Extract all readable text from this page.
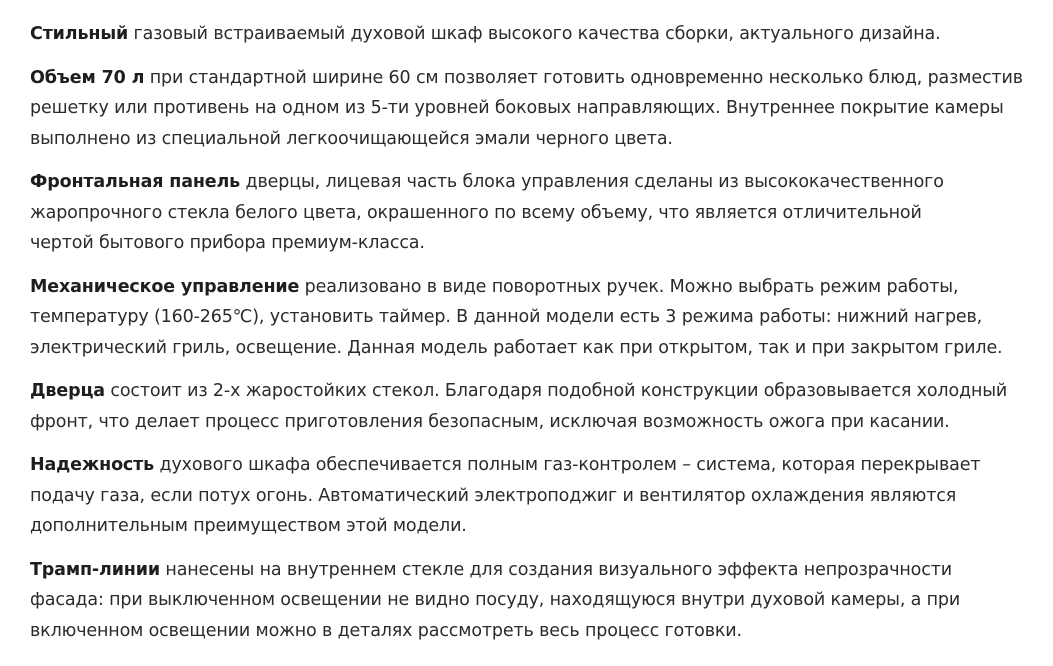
Стильный газовый встраиваемый духовой шкаф высокого качества сборки, актуального дизайна.

Объем 70 л при стандартной ширине 60 см позволяет готовить одновременно несколько блюд, разместив
решетку или противень на одном из 5-ти уровней боковых направляющих. Внутреннее покрытие камеры
выполнено из специальной легкоочищающейся эмали черного цвета.

Фронтальная панель дверцы, лицевая часть блока управления сделаны из высококачественного
жаропрочного стекла белого цвета, окрашенного по всему объему, что является отличительной
чертой бытового прибора премиум-класса.

Механическое управление реализовано в виде поворотных ручек. Можно выбрать режим работы,
температуру (160-265℃), установить таймер. В данной модели есть 3 режима работы: нижний нагрев,
электрический гриль, освещение. Данная модель работает как при открытом, так и при закрытом гриле.

Дверца состоит из 2-х жаростойких стекол. Благодаря подобной конструкции образовывается холодный
фронт, что делает процесс приготовления безопасным, исключая возможность ожога при касании.

Надежность духового шкафа обеспечивается полным газ-контролем – система, которая перекрывает
подачу газа, если потух огонь. Автоматический электроподжиг и вентилятор охлаждения являются
дополнительным преимуществом этой модели.

Трамп-линии нанесены на внутреннем стекле для создания визуального эффекта непрозрачности
фасада: при выключенном освещении не видно посуду, находящуюся внутри духовой камеры, а при
включенном освещении можно в деталях рассмотреть весь процесс готовки.
